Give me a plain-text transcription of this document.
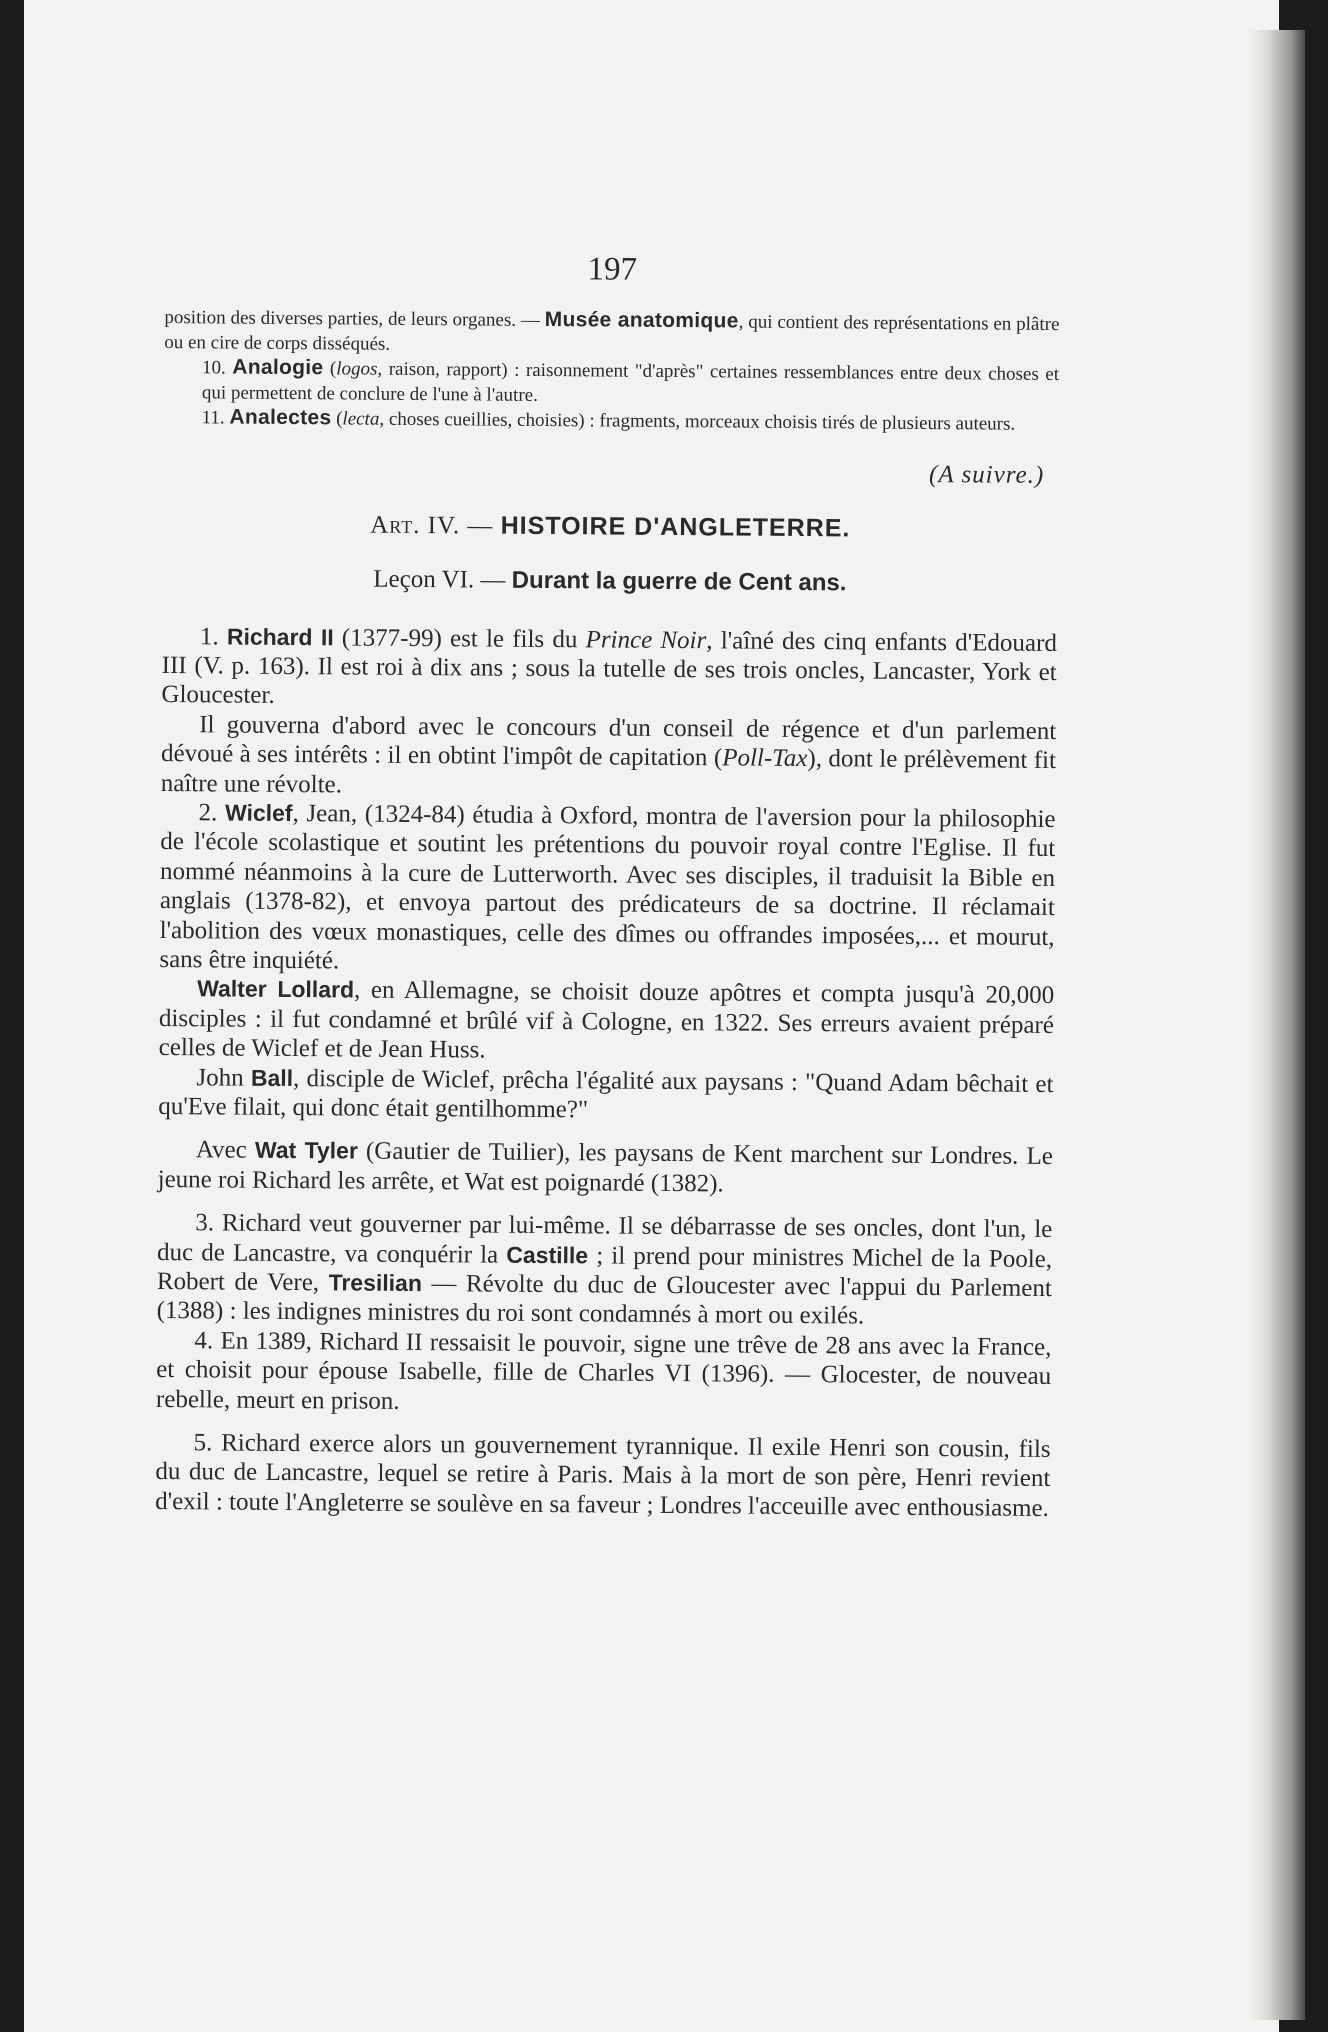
197

position des diverses parties, de leurs organes. — Musée anatomique, qui contient des représentations en plâtre ou en cire de corps disséqués.

10. Analogie (logos, raison, rapport) : raisonnement "d'après" certaines ressemblances entre deux choses et qui permettent de conclure de l'une à l'autre.

11. Analectes (lecta, choses cueillies, choisies) : fragments, morceaux choisis tirés de plusieurs auteurs.

(A suivre.)
Art. IV. — HISTOIRE D'ANGLETERRE.
Leçon VI. — Durant la guerre de Cent ans.

1. Richard II (1377-99) est le fils du Prince Noir, l'aîné des cinq enfants d'Edouard III (V. p. 163). Il est roi à dix ans ; sous la tutelle de ses trois oncles, Lancaster, York et Gloucester.

Il gouverna d'abord avec le concours d'un conseil de régence et d'un parlement dévoué à ses intérêts : il en obtint l'impôt de capitation (Poll-Tax), dont le prélèvement fit naître une révolte.

2. Wiclef, Jean, (1324-84) étudia à Oxford, montra de l'aversion pour la philosophie de l'école scolastique et soutint les prétentions du pouvoir royal contre l'Eglise. Il fut nommé néanmoins à la cure de Lutterworth. Avec ses disciples, il traduisit la Bible en anglais (1378-82), et envoya partout des prédicateurs de sa doctrine. Il réclamait l'abolition des vœux monastiques, celle des dîmes ou offrandes imposées,... et mourut, sans être inquiété.

Walter Lollard, en Allemagne, se choisit douze apôtres et compta jusqu'à 20,000 disciples : il fut condamné et brûlé vif à Cologne, en 1322. Ses erreurs avaient préparé celles de Wiclef et de Jean Huss.

John Ball, disciple de Wiclef, prêcha l'égalité aux paysans : "Quand Adam bêchait et qu'Eve filait, qui donc était gentilhomme?"

Avec Wat Tyler (Gautier de Tuilier), les paysans de Kent marchent sur Londres. Le jeune roi Richard les arrête, et Wat est poignardé (1382).

3. Richard veut gouverner par lui-même. Il se débarrasse de ses oncles, dont l'un, le duc de Lancastre, va conquérir la Castille ; il prend pour ministres Michel de la Poole, Robert de Vere, Tresilian — Révolte du duc de Gloucester avec l'appui du Parlement (1388) : les indignes ministres du roi sont condamnés à mort ou exilés.

4. En 1389, Richard II ressaisit le pouvoir, signe une trêve de 28 ans avec la France, et choisit pour épouse Isabelle, fille de Charles VI (1396). — Glocester, de nouveau rebelle, meurt en prison.

5. Richard exerce alors un gouvernement tyrannique. Il exile Henri son cousin, fils du duc de Lancastre, lequel se retire à Paris. Mais à la mort de son père, Henri revient d'exil : toute l'Angleterre se soulève en sa faveur ; Londres l'acceuille avec enthousiasme.
